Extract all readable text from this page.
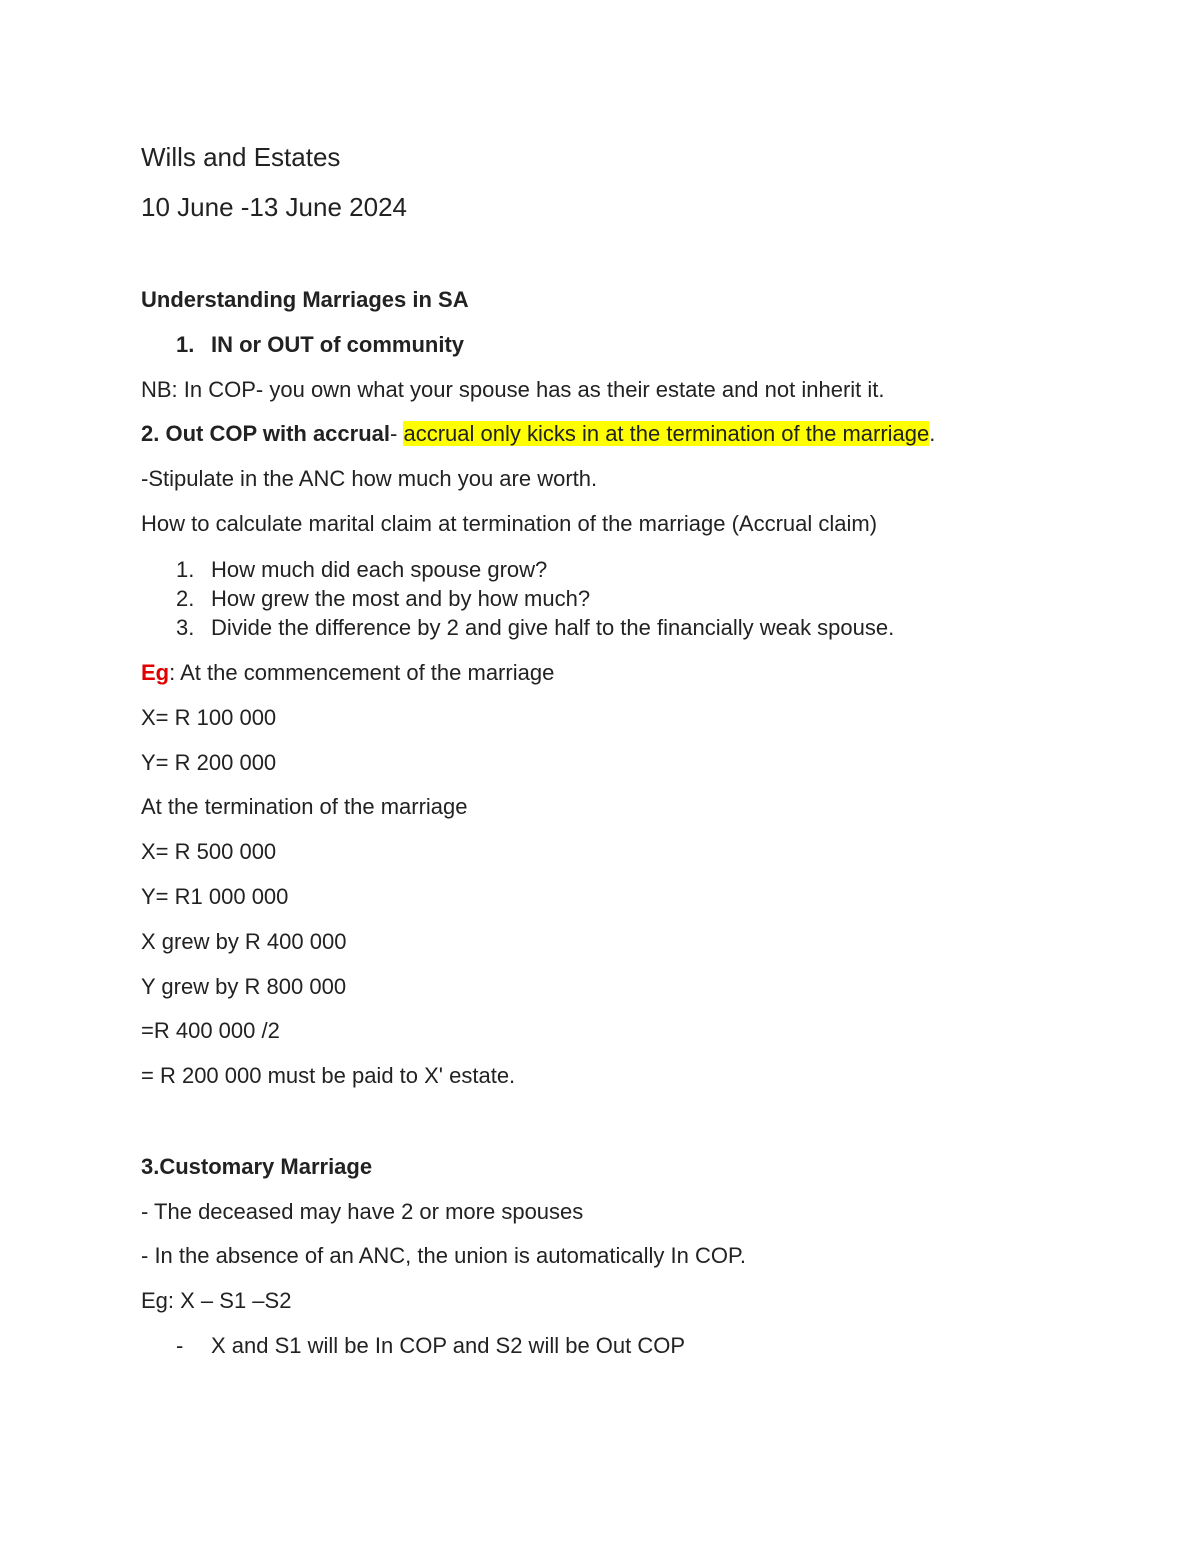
Wills and Estates
10 June -13 June 2024
Understanding Marriages in SA
1. IN or OUT of community
NB: In COP- you own what your spouse has as their estate and not inherit it.
2. Out COP with accrual- accrual only kicks in at the termination of the marriage.
-Stipulate in the ANC how much you are worth.
How to calculate marital claim at termination of the marriage (Accrual claim)
1. How much did each spouse grow?
2. How grew the most and by how much?
3. Divide the difference by 2 and give half to the financially weak spouse.
Eg: At the commencement of the marriage
X= R 100 000
Y= R 200 000
At the termination of the marriage
X= R 500 000
Y= R1 000 000
X grew by R 400 000
Y grew by R 800 000
=R 400 000 /2
= R 200 000 must be paid to X' estate.
3.Customary Marriage
- The deceased may have 2 or more spouses
- In the absence of an ANC, the union is automatically In COP.
Eg: X – S1 –S2
- X and S1 will be In COP and S2 will be Out COP
